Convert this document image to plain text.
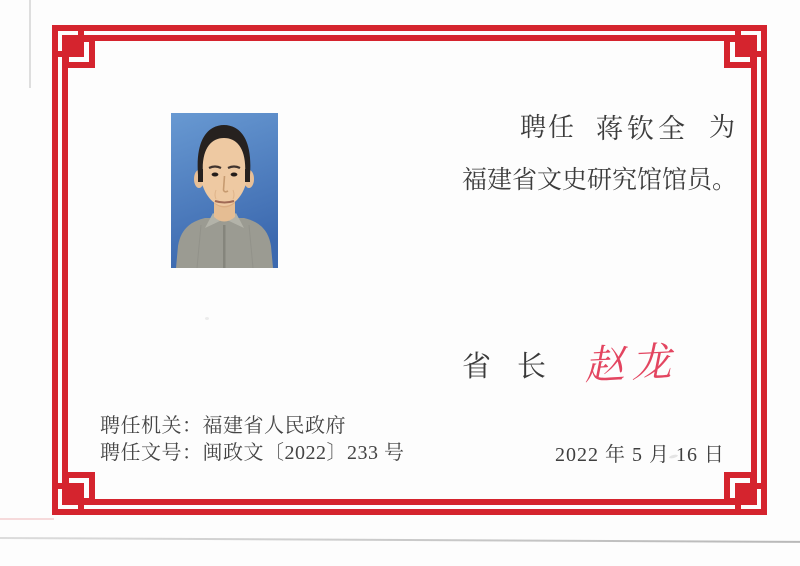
聘任 蒋钦全 为
福建省文史研究馆馆员。
省长 赵龙
聘任机关：福建省人民政府
聘任文号：闽政文〔2022〕233 号	2022 年 5 月 16 日
